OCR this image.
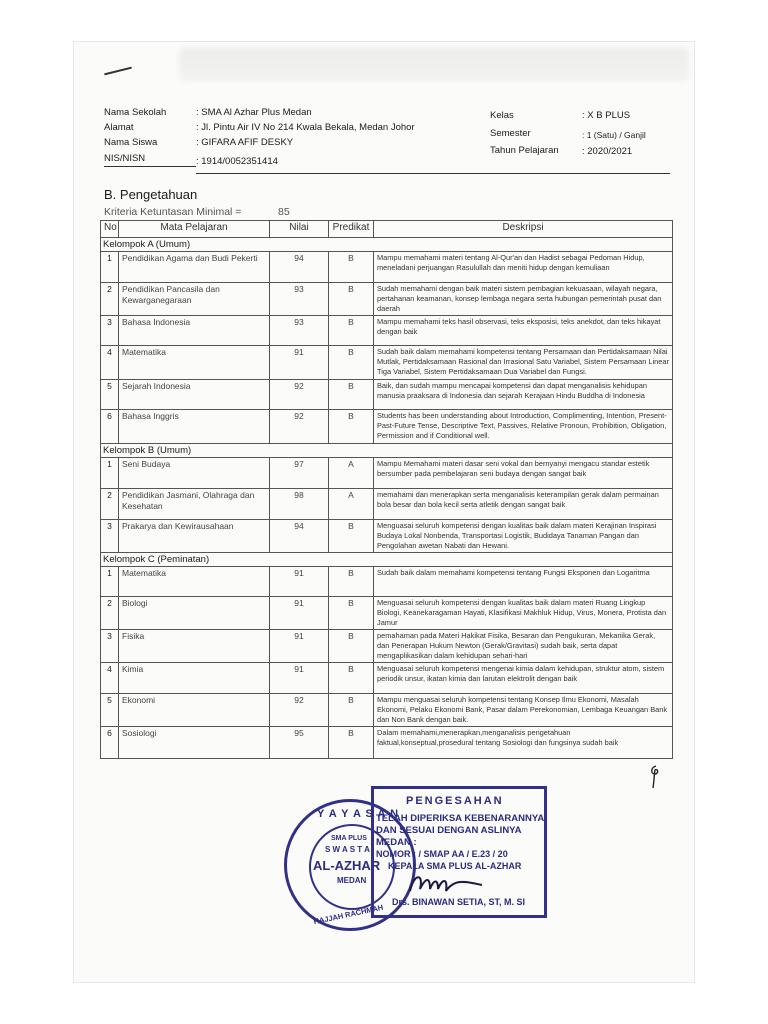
Nama Sekolah	: SMA Al Azhar Plus Medan
Alamat	: Jl. Pintu Air IV No 214 Kwala Bekala, Medan Johor
Nama Siswa	: GIFARA AFIF DESKY
NIS/NISN	: 1914/0052351414
Kelas	: X B PLUS
Semester	: 1 (Satu) / Ganjil
Tahun Pelajaran : 2020/2021
B. Pengetahuan
Kriteria Ketuntasan Minimal =	85
No	Mata Pelajaran	Nilai	Predikat	Deskripsi
Kelompok A (Umum)				
1	Pendidikan Agama dan Budi Pekerti	94	B	Mampu memahami materi tentang Al-Qur'an dan Hadist sebagai Pedoman Hidup, meneladani perjuangan Rasulullah dan meniti hidup dengan kemuliaan
2	Pendidikan Pancasila dan Kewarganegaraan	93	B	Sudah memahami dengan baik materi sistem pembagian kekuasaan, wilayah negara, pertahanan keamanan, konsep lembaga negara serta hubungan pemerintah pusat dan daerah
3	Bahasa Indonesia	93	B	Mampu memahami teks hasil observasi, teks eksposisi, teks anekdot, dan teks hikayat dengan baik
4	Matematika	91	B	Sudah baik dalam memahami kompetensi tentang Persamaan dan Pertidaksamaan Nilai Mutlak, Pertidaksamaan Rasional dan Irrasional Satu Variabel, Sistem Persamaan Linear Tiga Variabel, Sistem Pertidaksamaan Dua Variabel dan Fungsi.
5	Sejarah Indonesia	92	B	Baik, dan sudah mampu mencapai kompetensi dan dapat menganalisis kehidupan manusia praaksara di Indonesia dan sejarah Kerajaan Hindu Buddha di Indonesia
6	Bahasa Inggris	92	B	Students has been understanding about Introduction, Complimenting, Intention, Present-Past-Future Tense, Descriptive Text, Passives, Relative Pronoun, Prohibition, Obligation, Permission and if Conditional well.
Kelompok B (Umum)				
1	Seni Budaya	97	A	Mampu Memahami materi dasar seni vokal dan bernyanyi mengacu standar estetik bersumber pada pembelajaran seni budaya dengan sangat baik
2	Pendidikan Jasmani, Olahraga dan Kesehatan	98	A	memahami dan menerapkan serta menganalisis keterampilan gerak dalam permainan bola besar dan bola kecil serta atletik dengan sangat baik
3	Prakarya dan Kewirausahaan	94	B	Menguasai seluruh kompetensi dengan kualitas baik dalam materi Kerajinan Inspirasi Budaya Lokal Nonbenda, Transportasi Logistik, Budidaya Tanaman Pangan dan Pengolahan awetan Nabati dan Hewani.
Kelompok C (Peminatan)				
1	Matematika	91	B	Sudah baik dalam memahami kompetensi tentang Fungsi Eksponen dan Logaritma
2	Biologi	91	B	Menguasai seluruh kompetensi dengan kualitas baik dalam materi Ruang Lingkup Biologi, Keanekaragaman Hayati, Klasifikasi Makhluk Hidup, Virus, Monera, Protista dan Jamur
3	Fisika	91	B	pemahaman pada Materi Hakikat Fisika, Besaran dan Pengukuran, Mekanika Gerak, dan Penerapan Hukum Newton (Gerak/Gravitasi) sudah baik, serta dapat mengaplikasikan dalam kehidupan sehari-hari
4	Kimia	91	B	Menguasai seluruh kompetensi mengenai kimia dalam kehidupan, struktur atom, sistem periodik unsur, ikatan kimia dan larutan elektrolit dengan baik
5	Ekonomi	92	B	Mampu menguasai seluruh kompetensi tentang Konsep Ilmu Ekonomi, Masalah Ekonomi, Pelaku Ekonomi Bank, Pasar dalam Perekonomian, Lembaga Keuangan Bank dan Non Bank dengan baik.
6	Sosiologi	95	B	Dalam memahami,menerapkan,menganalisis pengetahuan faktual,konseptual,prosedural tentang Sosiologi dan fungsinya sudah baik
Y A Y A S A N
SMA PLUS
S W A S T A
AL-AZHAR
MEDAN
HAJJAH RACHMAH
PENGESAHAN
TELAH DIPERIKSA KEBENARANNYA
DAN SESUAI DENGAN ASLINYA
MEDAN :
NOMOR : / SMAP AA / E.23 / 20
KEPALA SMA PLUS AL-AZHAR
Drs. BINAWAN SETIA, ST, M. SI
